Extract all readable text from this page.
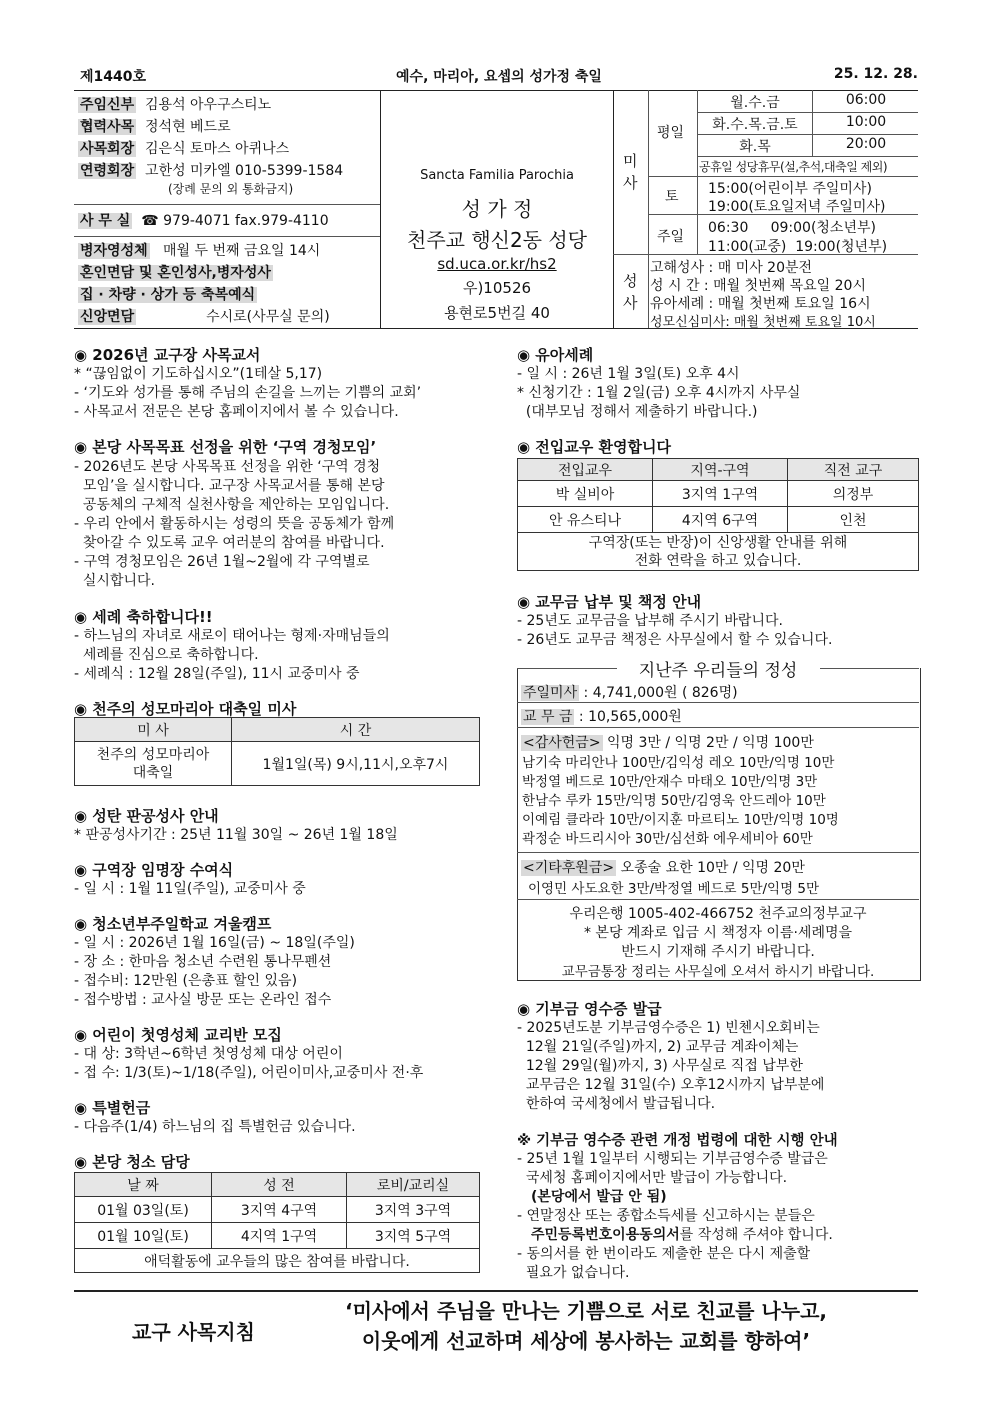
제1440호	예수, 마리아, 요셉의 성가정 축일	25. 12. 28.
주임신부 김용석 아우구스티노
협력사목 정석현 베드로
사목회장 김은식 토마스 아퀴나스
연령회장 고한성 미카엘 010-5399-1584
(장례 문의 외 통화금지)
사 무 실 ☎ 979-4071 fax.979-4110
병자영성체 매월 두 번째 금요일 14시
혼인면담 및 혼인성사,병자성사
집 · 차량 · 상가 등 축복예식
신앙면담	수시로(사무실 문의)
Sancta Familia Parochia
성 가 정
천주교 행신2동 성당
sd.uca.or.kr/hs2
우)10526
용현로5번길 40
미
사
평일
월.수.금	06:00
화.수.목.금.토	10:00
화.목	20:00
공휴일 성당휴무(설,추석,대축일 제외)
토 15:00(어린이부 주일미사)
19:00(토요일저녁 주일미사)
주일
06:30     09:00(청소년부)
11:00(교중)  19:00(청년부)
성
사
고해성사 : 매 미사 20분전
성 시 간 : 매월 첫번째 목요일 20시
유아세례 : 매월 첫번째 토요일 16시
성모신심미사: 매월 첫번째 토요일 10시
◉ 2026년 교구장 사목교서
* “끊임없이 기도하십시오”(1테살 5,17)
- ‘기도와 성가를 통해 주님의 손길을 느끼는 기쁨의 교회’
- 사목교서 전문은 본당 홈페이지에서 볼 수 있습니다.
◉ 본당 사목목표 선정을 위한 ‘구역 경청모임’
- 2026년도 본당 사목목표 선정을 위한 ‘구역 경청
모임’을 실시합니다. 교구장 사목교서를 통해 본당
공동체의 구체적 실천사항을 제안하는 모임입니다.
- 우리 안에서 활동하시는 성령의 뜻을 공동체가 함께
찾아갈 수 있도록 교우 여러분의 참여를 바랍니다.
- 구역 경청모임은 26년 1월~2월에 각 구역별로
실시합니다.
◉ 세례 축하합니다!!
- 하느님의 자녀로 새로이 태어나는 형제·자매님들의
세례를 진심으로 축하합니다.
- 세례식 : 12월 28일(주일), 11시 교중미사 중
◉ 천주의 성모마리아 대축일 미사
미 사	시 간
천주의 성모마리아
대축일	1월1일(목) 9시,11시,오후7시
◉ 성탄 판공성사 안내
* 판공성사기간 : 25년 11월 30일 ~ 26년 1월 18일
◉ 구역장 임명장 수여식
- 일 시 : 1월 11일(주일), 교중미사 중
◉ 청소년부주일학교 겨울캠프
- 일 시 : 2026년 1월 16일(금) ~ 18일(주일)
- 장 소 : 한마음 청소년 수련원 통나무펜션
- 접수비: 12만원 (은총표 할인 있음)
- 접수방법 : 교사실 방문 또는 온라인 접수
◉ 어린이 첫영성체 교리반 모집
- 대 상: 3학년~6학년 첫영성체 대상 어린이
- 접 수: 1/3(토)~1/18(주일), 어린이미사,교중미사 전·후
◉ 특별헌금
- 다음주(1/4) 하느님의 집 특별헌금 있습니다.
◉ 본당 청소 담당
날 짜	성 전	로비/교리실
01월 03일(토)	3지역 4구역	3지역 3구역
01월 10일(토)	4지역 1구역	3지역 5구역
애덕활동에 교우들의 많은 참여를 바랍니다.		
◉ 유아세례
- 일 시 : 26년 1월 3일(토) 오후 4시
* 신청기간 : 1월 2일(금) 오후 4시까지 사무실
(대부모님 정해서 제출하기 바랍니다.)
◉ 전입교우 환영합니다
전입교우	지역-구역	직전 교구
박 실비아	3지역 1구역	의정부
안 유스티나	4지역 6구역	인천

구역장(또는 반장)이 신앙생활 안내를 위해
전화 연락을 하고 있습니다.		
◉ 교무금 납부 및 책정 안내
- 25년도 교무금을 납부해 주시기 바랍니다.
- 26년도 교무금 책정은 사무실에서 할 수 있습니다.
지난주 우리들의 정성
주일미사 : 4,741,000원 ( 826명)
교 무 금 : 10,565,000원
<감사헌금> 익명 3만 / 익명 2만 / 익명 100만
남기숙 마리안나 100만/김익성 레오 10만/익명 10만
박정열 베드로 10만/안재수 마태오 10만/익명 3만
한남수 루카 15만/익명 50만/김영욱 안드레아 10만
이예림 클라라 10만/이지훈 마르티노 10만/익명 10명
곽정순 바드리시아 30만/심선화 에우세비아 60만
<기타후원금> 오종술 요한 10만 / 익명 20만
이영민 사도요한 3만/박정열 베드로 5만/익명 5만
우리은행 1005-402-466752 천주교의정부교구
* 본당 계좌로 입금 시 책정자 이름·세례명을
반드시 기재해 주시기 바랍니다.
교무금통장 정리는 사무실에 오셔서 하시기 바랍니다.
◉ 기부금 영수증 발급
- 2025년도분 기부금영수증은 1) 빈첸시오회비는
12월 21일(주일)까지, 2) 교무금 계좌이체는
12월 29일(월)까지, 3) 사무실로 직접 납부한
교무금은 12월 31일(수) 오후12시까지 납부분에
한하여 국세청에서 발급됩니다.
※ 기부금 영수증 관련 개정 법령에 대한 시행 안내
- 25년 1월 1일부터 시행되는 기부금영수증 발급은
국세청 홈페이지에서만 발급이 가능합니다.
(본당에서 발급 안 됨)
- 연말정산 또는 종합소득세를 신고하시는 분들은
주민등록번호이용동의서를 작성해 주셔야 합니다.
- 동의서를 한 번이라도 제출한 분은 다시 제출할
필요가 없습니다.
교구 사목지침
‘미사에서 주님을 만나는 기쁨으로 서로 친교를 나누고,
이웃에게 선교하며 세상에 봉사하는 교회를 향하여’
